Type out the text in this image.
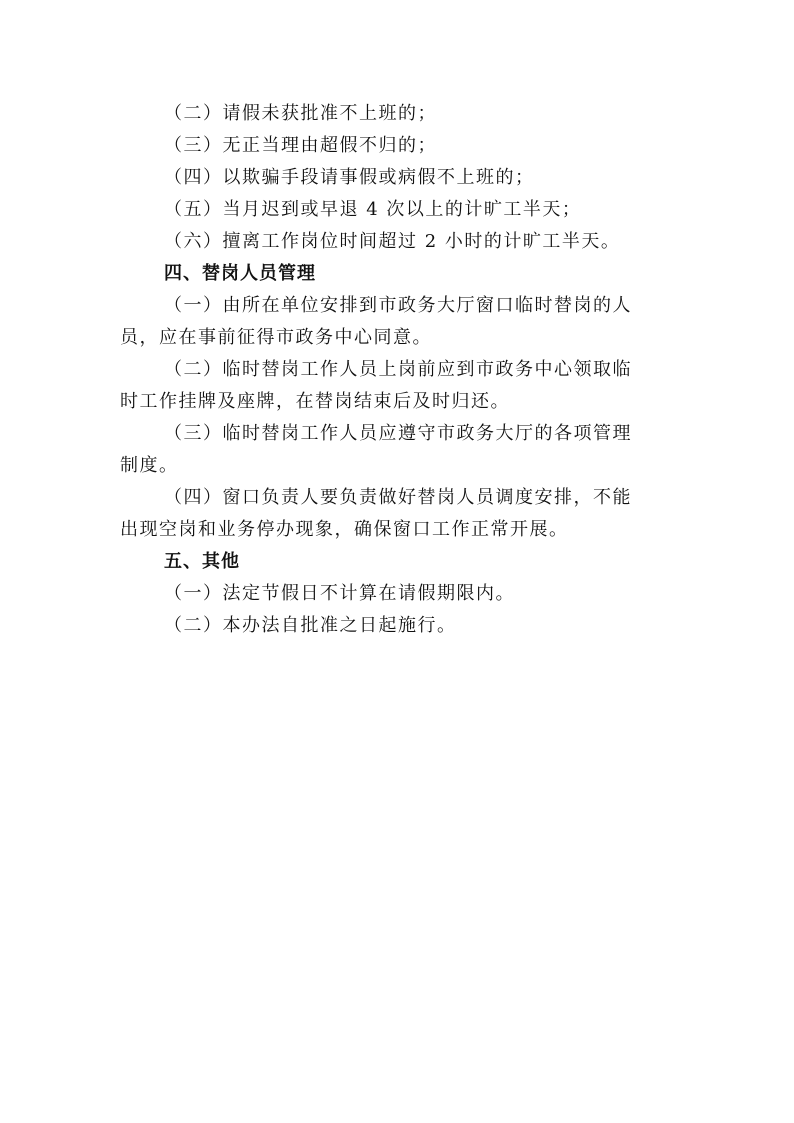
（二）请假未获批准不上班的；
（三）无正当理由超假不归的；
（四）以欺骗手段请事假或病假不上班的；
（五）当月迟到或早退 4 次以上的计旷工半天；
（六）擅离工作岗位时间超过 2 小时的计旷工半天。
四、替岗人员管理
（一）由所在单位安排到市政务大厅窗口临时替岗的人
员，应在事前征得市政务中心同意。
（二）临时替岗工作人员上岗前应到市政务中心领取临
时工作挂牌及座牌，在替岗结束后及时归还。
（三）临时替岗工作人员应遵守市政务大厅的各项管理
制度。
（四）窗口负责人要负责做好替岗人员调度安排，不能
出现空岗和业务停办现象，确保窗口工作正常开展。
五、其他
（一）法定节假日不计算在请假期限内。
（二）本办法自批准之日起施行。
